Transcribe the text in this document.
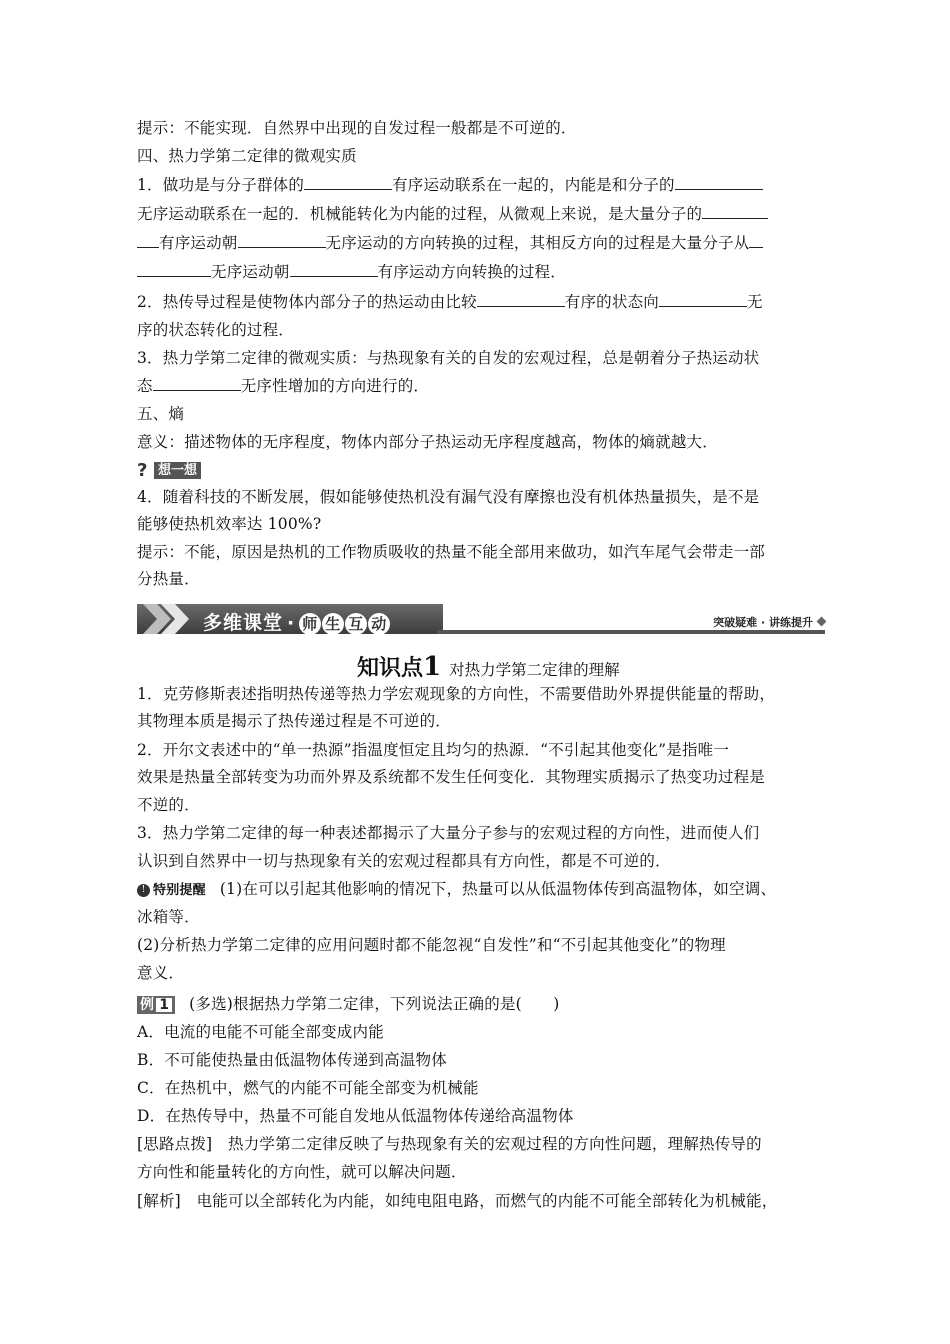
提示：不能实现．自然界中出现的自发过程一般都是不可逆的．
四、热力学第二定律的微观实质
1．做功是与分子群体的	有序运动联系在一起的，内能是和分子的
无序运动联系在一起的．机械能转化为内能的过程，从微观上来说，是大量分子的
有序运动朝	无序运动的方向转换的过程，其相反方向的过程是大量分子从
无序运动朝	有序运动方向转换的过程．
2．热传导过程是使物体内部分子的热运动由比较	有序的状态向	无
序的状态转化的过程．
3．热力学第二定律的微观实质：与热现象有关的自发的宏观过程，总是朝着分子热运动状
态	无序性增加的方向进行的．
五、熵
意义：描述物体的无序程度，物体内部分子热运动无序程度越高，物体的熵就越大．
? 想一想
4．随着科技的不断发展，假如能够使热机没有漏气没有摩擦也没有机体热量损失，是不是
能够使热机效率达 100%?
提示：不能，原因是热机的工作物质吸收的热量不能全部用来做功，如汽车尾气会带走一部
分热量．
多维课堂 · 师 生 互 动	突破疑难 · 讲练提升
知识点1 对热力学第二定律的理解
1．克劳修斯表述指明热传递等热力学宏观现象的方向性，不需要借助外界提供能量的帮助，
其物理本质是揭示了热传递过程是不可逆的．
2．开尔文表述中的“单一热源”指温度恒定且均匀的热源．“不引起其他变化”是指唯一
效果是热量全部转变为功而外界及系统都不发生任何变化．其物理实质揭示了热变功过程是
不逆的．
3．热力学第二定律的每一种表述都揭示了大量分子参与的宏观过程的方向性，进而使人们
认识到自然界中一切与热现象有关的宏观过程都具有方向性，都是不可逆的．
! 特别提醒 (1)在可以引起其他影响的情况下，热量可以从低温物体传到高温物体，如空调、
冰箱等．
(2)分析热力学第二定律的应用问题时都不能忽视“自发性”和“不引起其他变化”的物理
意义．
例 1 (多选)根据热力学第二定律，下列说法正确的是(　　)
A．电流的电能不可能全部变成内能
B．不可能使热量由低温物体传递到高温物体
C．在热机中，燃气的内能不可能全部变为机械能
D．在热传导中，热量不可能自发地从低温物体传递给高温物体
[思路点拨]　热力学第二定律反映了与热现象有关的宏观过程的方向性问题，理解热传导的
方向性和能量转化的方向性，就可以解决问题．
[解析]　电能可以全部转化为内能，如纯电阻电路，而燃气的内能不可能全部转化为机械能，
